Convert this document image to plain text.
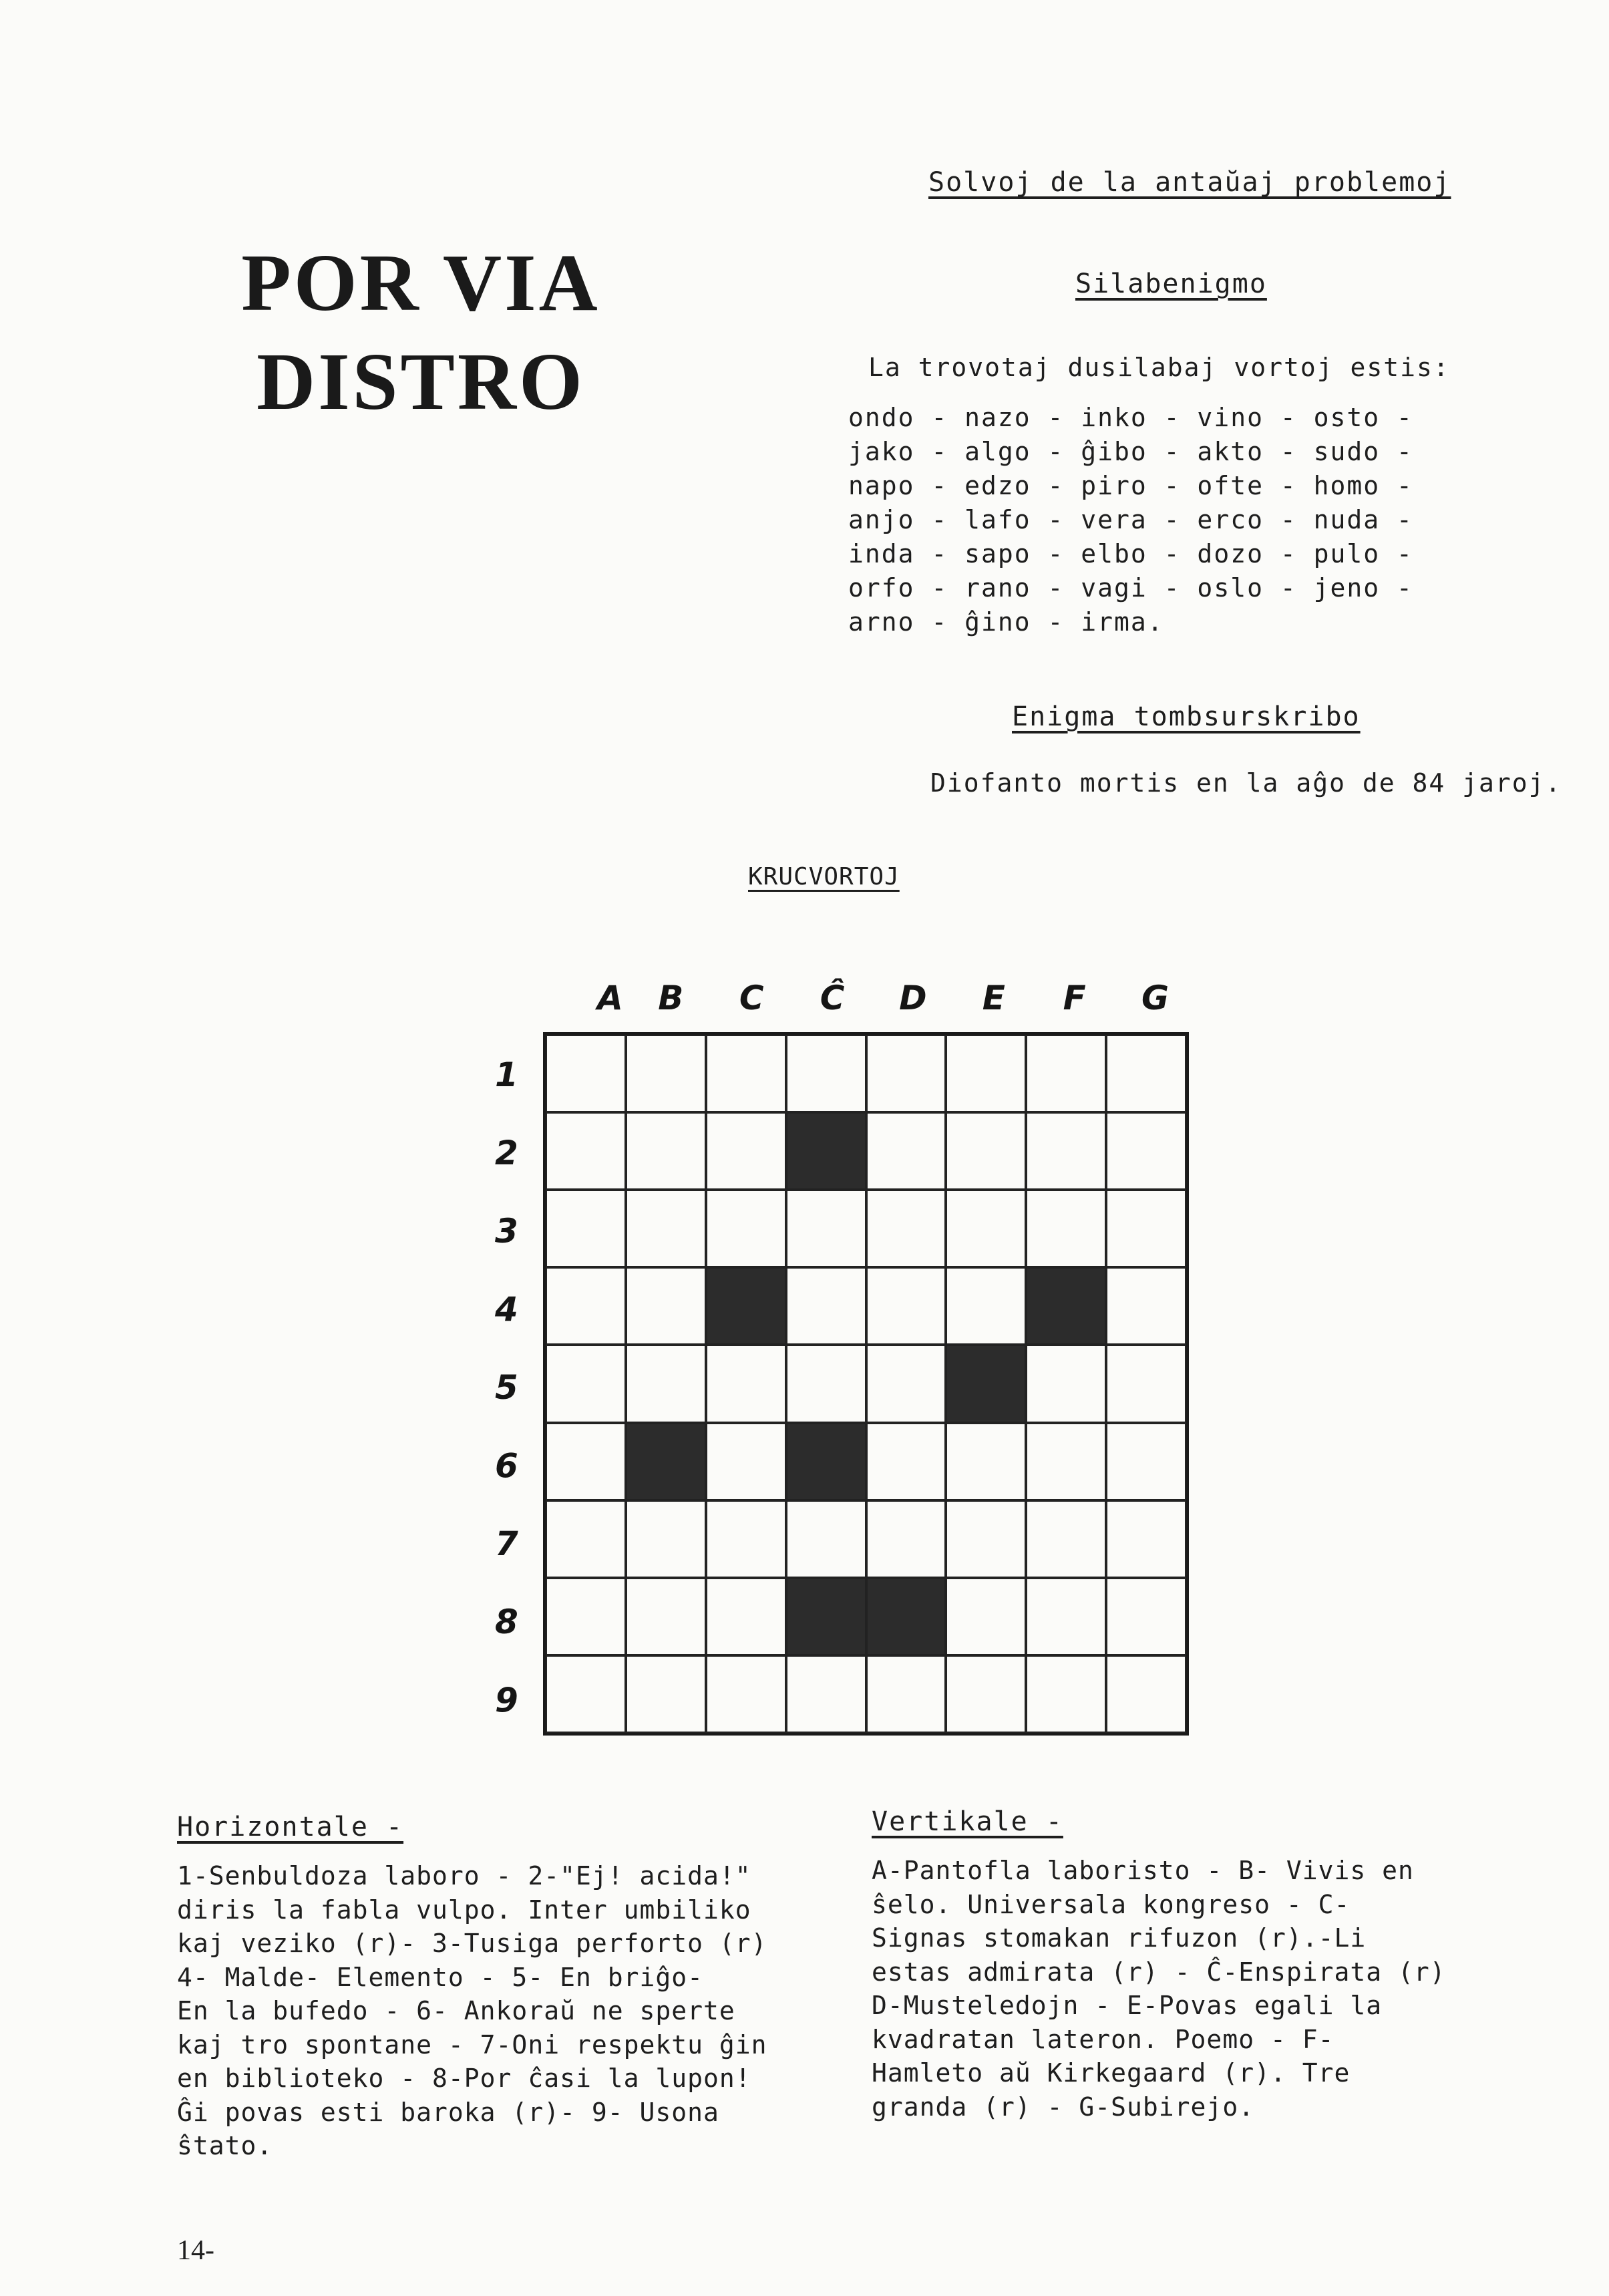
POR VIA
DISTRO
Solvoj de la antaŭaj problemoj
Silabenigmo
La trovotaj dusilabaj vortoj estis:
ondo - nazo - inko - vino - osto -
jako - algo - ĝibo - akto - sudo -
napo - edzo - piro - ofte - homo -
anjo - lafo - vera - erco - nuda -
inda - sapo - elbo - dozo - pulo -
orfo - rano - vagi - oslo - jeno -
arno - ĝino - irma.
Enigma tombsurskribo
Diofanto mortis en la aĝo de 84 jaroj.
KRUCVORTOJ
A B C Ĉ D E F G
1
2
3
4
5
6
7
8
9
Horizontale -
1-Senbuldoza laboro - 2-"Ej! acida!"
diris la fabla vulpo. Inter umbiliko
kaj veziko (r)- 3-Tusiga perforto (r)
4- Malde- Elemento - 5- En briĝo-
En la bufedo - 6- Ankoraŭ ne sperte
kaj tro spontane - 7-Oni respektu ĝin
en biblioteko - 8-Por ĉasi la lupon!
Ĝi povas esti baroka (r)- 9- Usona
ŝtato.
Vertikale -
A-Pantofla laboristo - B- Vivis en
ŝelo. Universala kongreso - C-
Signas stomakan rifuzon (r).-Li
estas admirata (r) - Ĉ-Enspirata (r)
D-Musteledojn - E-Povas egali la
kvadratan lateron. Poemo - F-
Hamleto aŭ Kirkegaard (r). Tre
granda (r) - G-Subirejo.
14-
